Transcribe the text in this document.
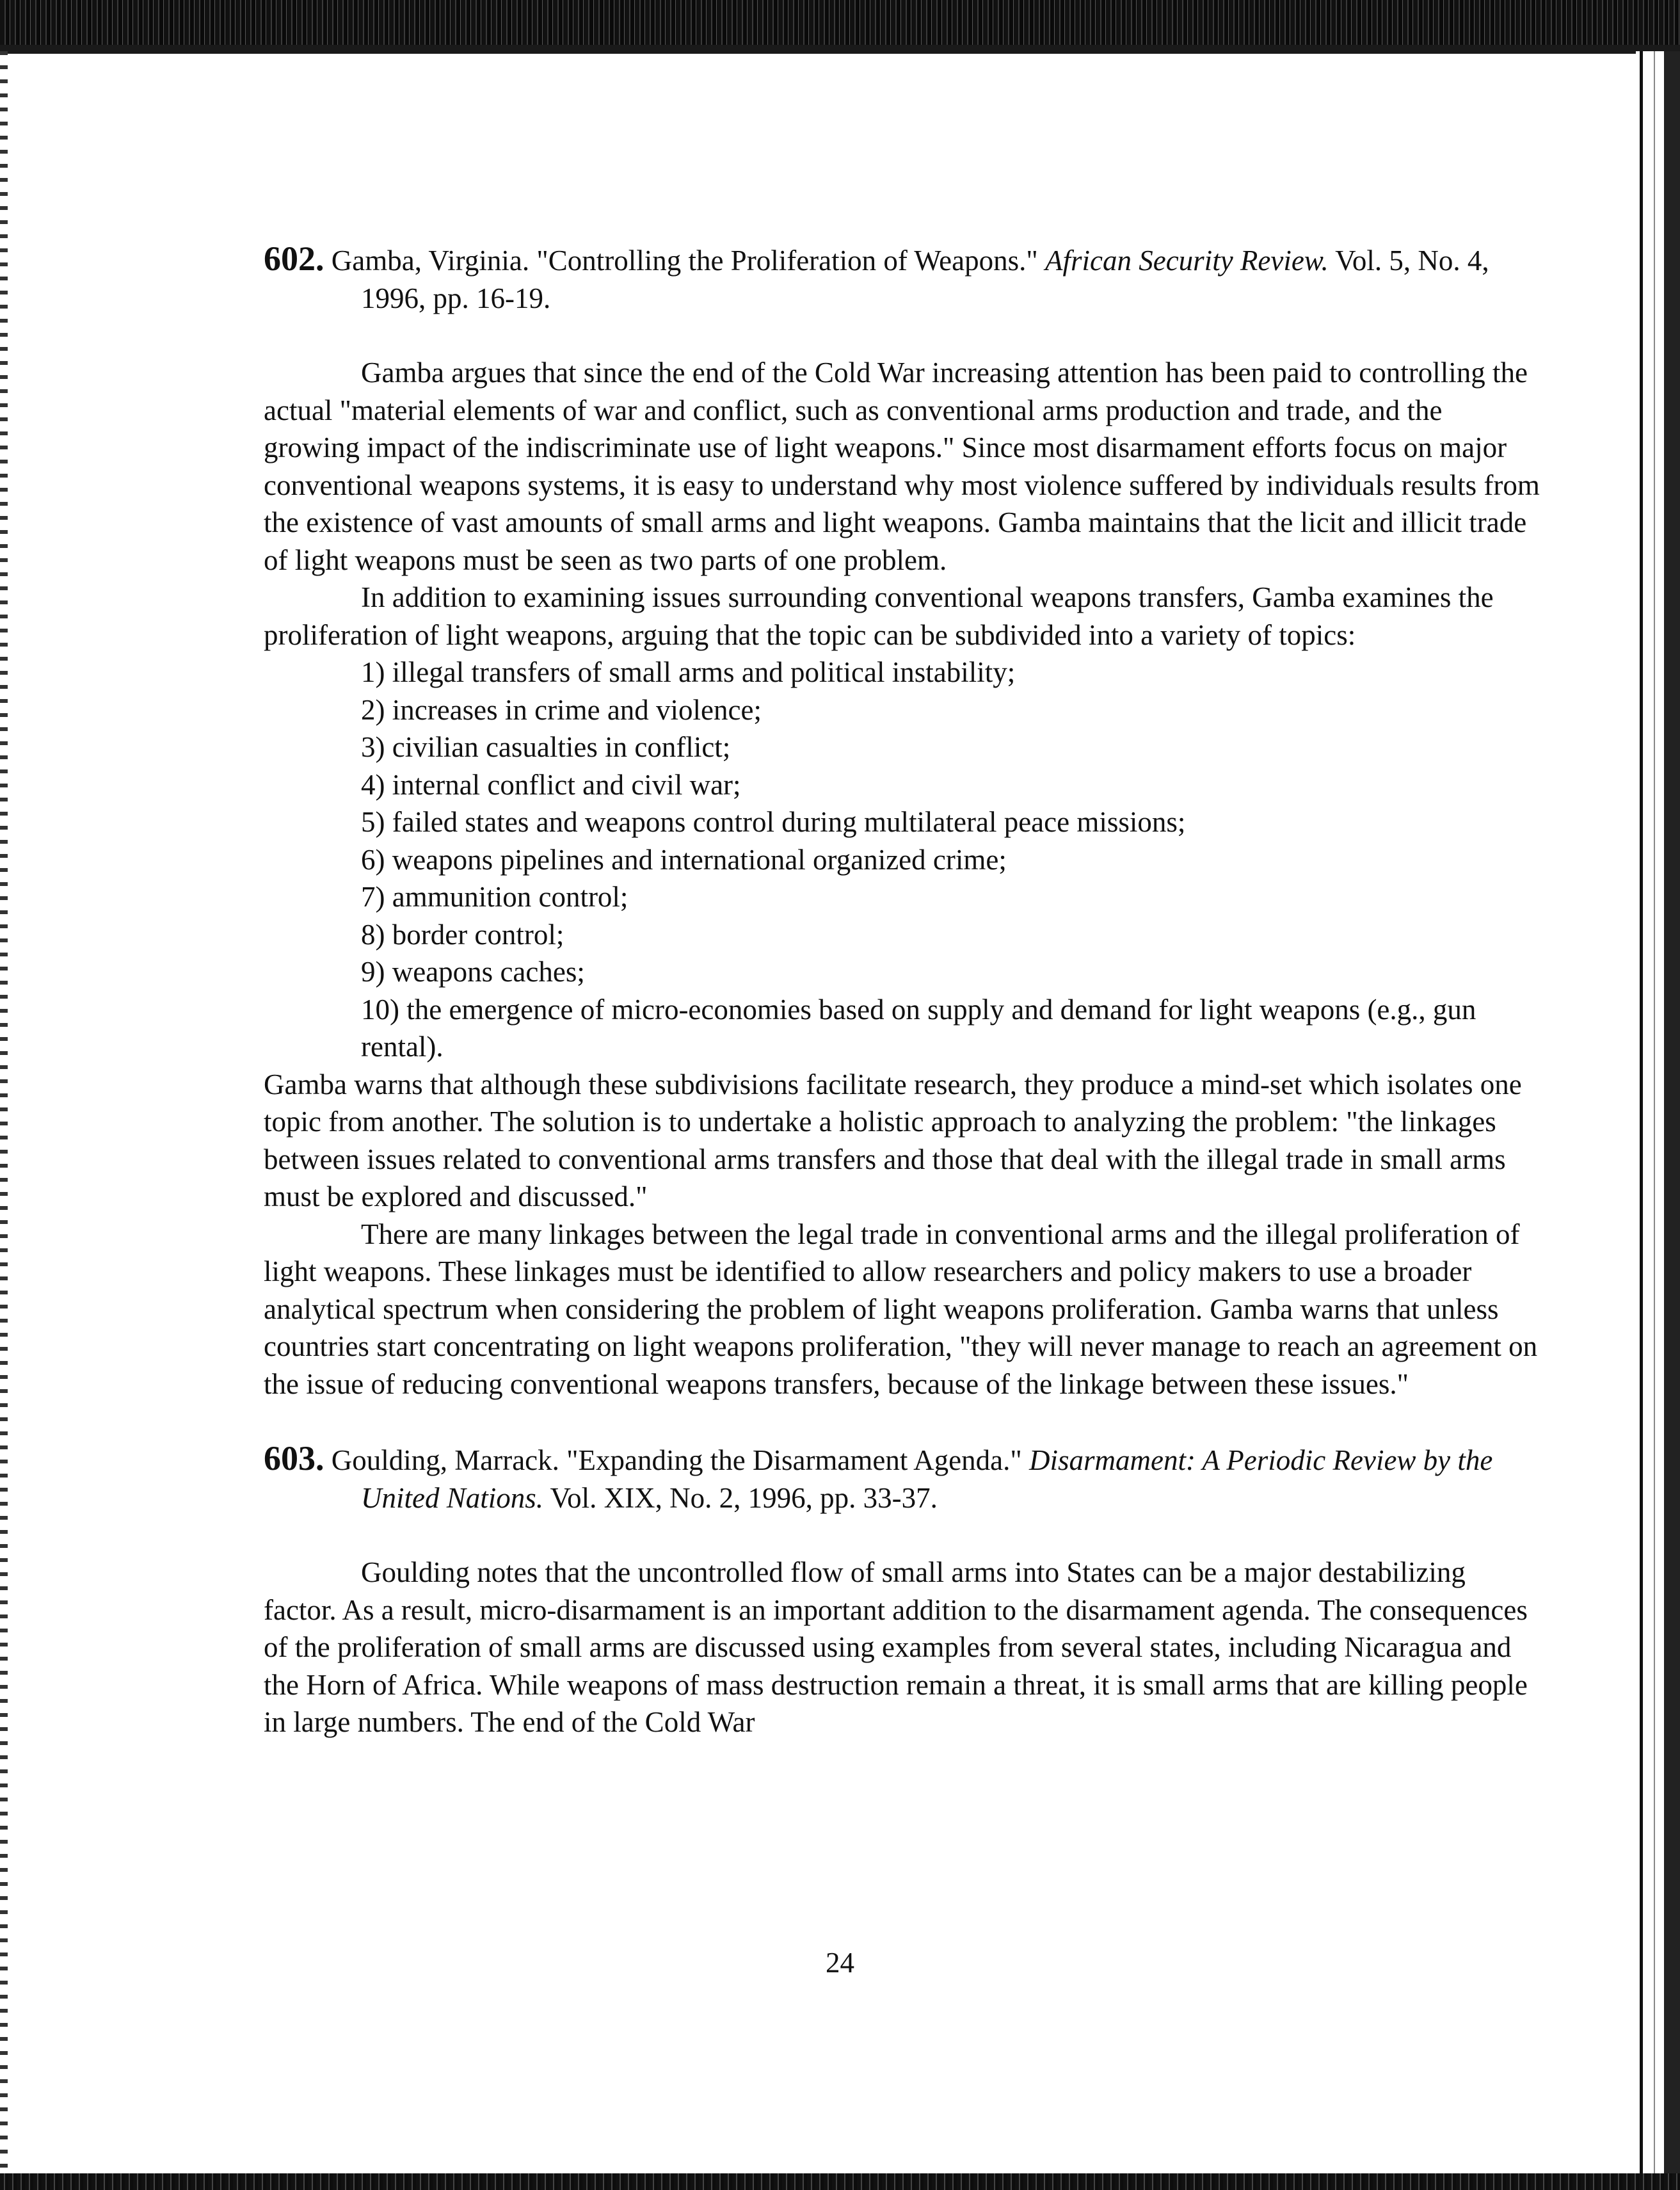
602. Gamba, Virginia. "Controlling the Proliferation of Weapons." African Security Review. Vol. 5, No. 4, 1996, pp. 16-19.

Gamba argues that since the end of the Cold War increasing attention has been paid to controlling the actual "material elements of war and conflict, such as conventional arms production and trade, and the growing impact of the indiscriminate use of light weapons." Since most disarmament efforts focus on major conventional weapons systems, it is easy to understand why most violence suffered by individuals results from the existence of vast amounts of small arms and light weapons. Gamba maintains that the licit and illicit trade of light weapons must be seen as two parts of one problem.

In addition to examining issues surrounding conventional weapons transfers, Gamba examines the proliferation of light weapons, arguing that the topic can be subdivided into a variety of topics:

1) illegal transfers of small arms and political instability;
2) increases in crime and violence;
3) civilian casualties in conflict;
4) internal conflict and civil war;
5) failed states and weapons control during multilateral peace missions;
6) weapons pipelines and international organized crime;
7) ammunition control;
8) border control;
9) weapons caches;
10) the emergence of micro-economies based on supply and demand for light weapons (e.g., gun rental).

Gamba warns that although these subdivisions facilitate research, they produce a mind-set which isolates one topic from another. The solution is to undertake a holistic approach to analyzing the problem: "the linkages between issues related to conventional arms transfers and those that deal with the illegal trade in small arms must be explored and discussed."

There are many linkages between the legal trade in conventional arms and the illegal proliferation of light weapons. These linkages must be identified to allow researchers and policy makers to use a broader analytical spectrum when considering the problem of light weapons proliferation. Gamba warns that unless countries start concentrating on light weapons proliferation, "they will never manage to reach an agreement on the issue of reducing conventional weapons transfers, because of the linkage between these issues."

603. Goulding, Marrack. "Expanding the Disarmament Agenda." Disarmament: A Periodic Review by the United Nations. Vol. XIX, No. 2, 1996, pp. 33-37.

Goulding notes that the uncontrolled flow of small arms into States can be a major destabilizing factor. As a result, micro-disarmament is an important addition to the disarmament agenda. The consequences of the proliferation of small arms are discussed using examples from several states, including Nicaragua and the Horn of Africa. While weapons of mass destruction remain a threat, it is small arms that are killing people in large numbers. The end of the Cold War

24
